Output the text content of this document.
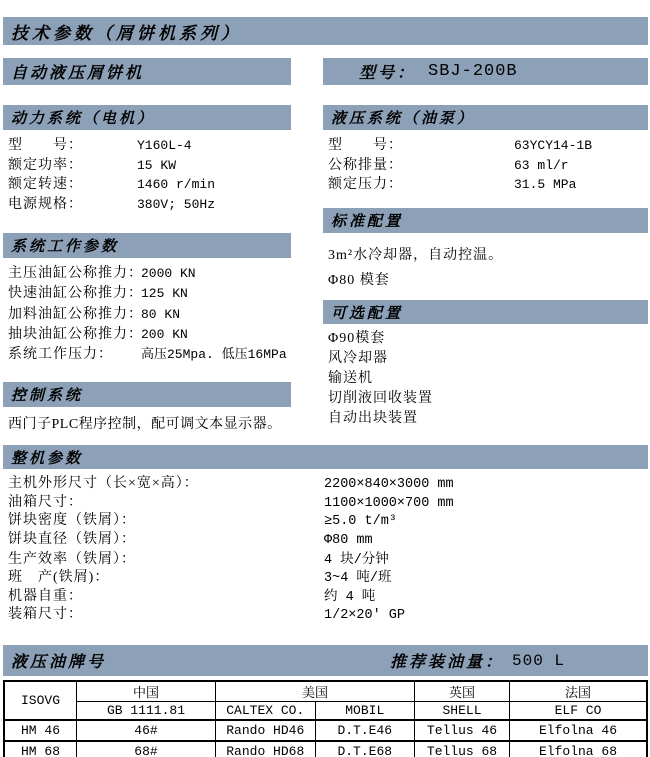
技术参数（屑饼机系列）
自动液压屑饼机	型号： SBJ-200B
动力系统（电机）
型　　号：	Y160L-4
额定功率：	15 KW
额定转速：	1460 r/min
电源规格：	380V; 50Hz
液压系统（油泵）
型　　号：	63YCY14-1B
公称排量：	63 ml/r
额定压力：	31.5 MPa
标准配置
3m²水冷却器，自动控温。
Φ80 模套
系统工作参数
主压油缸公称推力：
2000 KN
快速油缸公称推力：
125 KN
加料油缸公称推力：
80 KN
抽块油缸公称推力：
200 KN
系统工作压力：	高压25Mpa. 低压16MPa
可选配置
Φ90模套
风冷却器
输送机
切削液回收装置
自动出块装置
控制系统
西门子PLC程序控制，配可调文本显示器。
整机参数
主机外形尺寸（长×宽×高）：	2200×840×3000 mm
油箱尺寸：	1100×1000×700 mm
饼块密度（铁屑）：	≥5.0 t/m³
饼块直径（铁屑）：	Φ80 mm
生产效率（铁屑）：	4 块/分钟
班　产(铁屑)：	3~4 吨/班
机器自重：	约 4 吨
装箱尺寸：	1/2×20′ GP
液压油牌号	推荐装油量： 500 L
ISOVG	中国	美国		英国	法国
	GB 1111.81	CALTEX CO.	MOBIL	SHELL	ELF CO
HM 46	46#	Rando HD46	D.T.E46	Tellus 46	Elfolna 46
HM 68	68#	Rando HD68	D.T.E68	Tellus 68	Elfolna 68
